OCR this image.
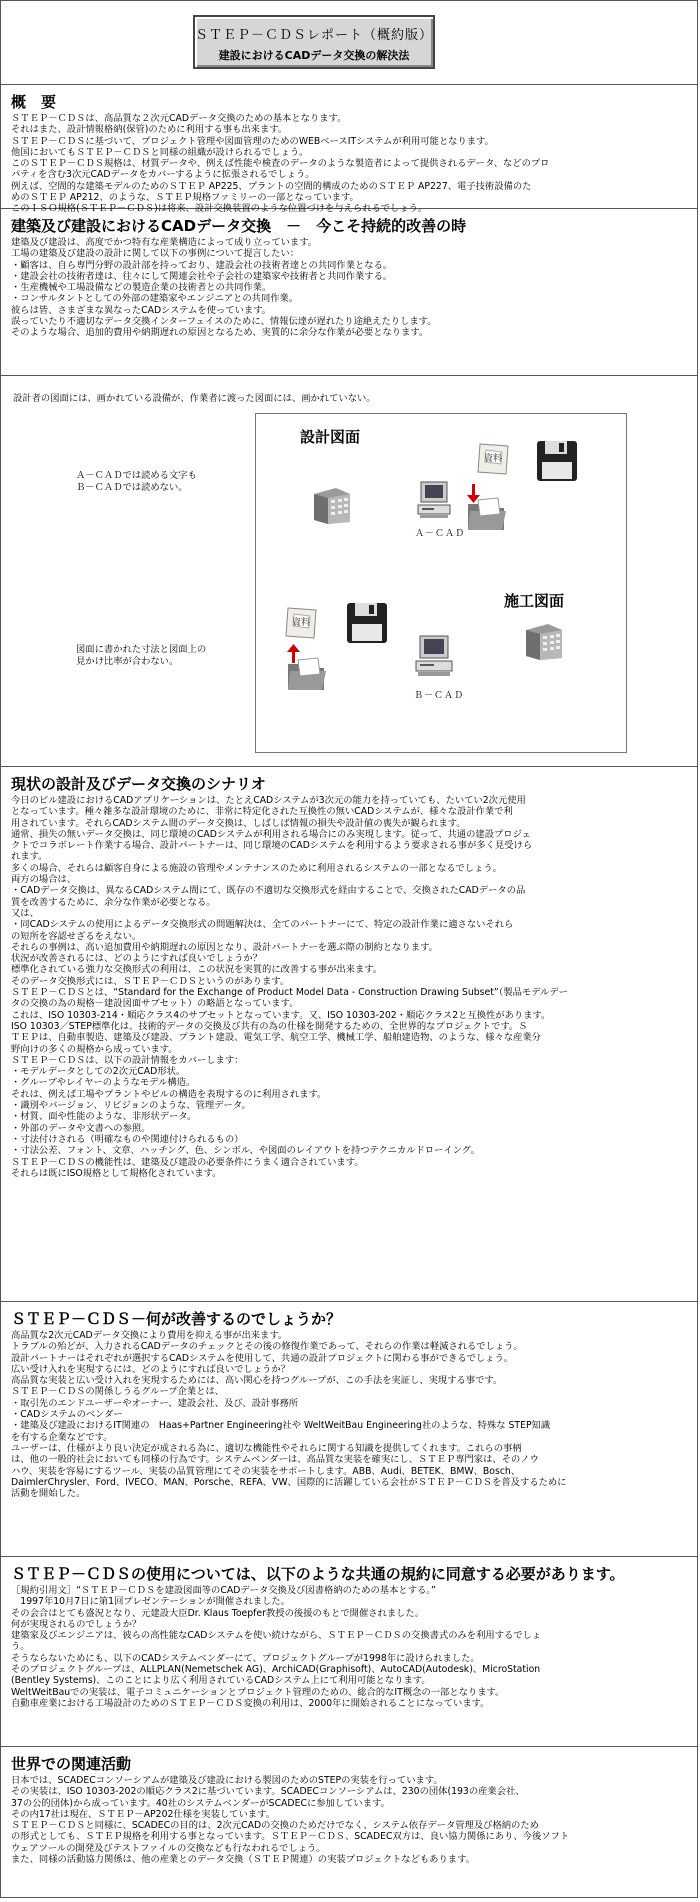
ＳＴＥＰ－ＣＤＳレポート（概約版）
建設におけるCADデータ交換の解決法
概　要
ＳＴＥＰ－ＣＤＳは、高品質な２次元CADデータ交換のための基本となります。
それはまた、設計情報格納(保管)のために利用する事も出来ます。
ＳＴＥＰ－ＣＤＳに基づいて、プロジェクト管理や図面管理のためのWEBベースITシステムが利用可能となります。
他国においてもＳＴＥＰ－ＣＤＳと同様の組織が設けられるでしょう。
このＳＴＥＰ－ＣＤＳ規格は、材質データや、例えば性能や検査のデータのような製造者によって提供されるデータ、などのプロ
パティを含む3次元CADデータをカバーするように拡張されるでしょう。
例えば、空間的な建築モデルのためのＳＴＥＰ AP225、プラントの空間的構成のためのＳＴＥＰ AP227、電子技術設備のた
めのＳＴＥＰ AP212、のような、ＳＴＥＰ規格ファミリーの一部となっています。
このＩＳＯ規格(ＳＴＥＰ－ＣＤＳ)は将来、設計交換装置のような位置づけを与えられるでしょう。
建築及び建設におけるCADデータ交換　－　今こそ持続的改善の時
建築及び建設は、高度でかつ特有な産業構造によって成り立っています。
工場の建築及び建設の設計に関して以下の事例について提言したい：
・顧客は、自ら専門分野の設計部を持っており、建設会社の技術者達との共同作業となる。
・建設会社の技術者達は、往々にして関連会社や子会社の建築家や技術者と共同作業する。
・生産機械や工場設備などの製造企業の技術者との共同作業。
・コンサルタントとしての外部の建築家やエンジニアとの共同作業。
彼らは皆、さまざまな異なったCADシステムを使っています。
誤っていたり不適切なデータ交換インターフェイスのために、情報伝達が遅れたり途絶えたりします。
そのような場合、追加的費用や納期遅れの原因となるため、実質的に余分な作業が必要となります。
設計者の図面には、画かれている設備が、作業者に渡った図面には、画かれていない。
Ａ－ＣＡＤでは読める文字も
Ｂ－ＣＡＤでは読めない。
図面に書かれた寸法と図面上の
見かけ比率が合わない。
設計図面
施工図面
Ａ－ＣＡＤ
資料
資料
Ｂ－ＣＡＤ
現状の設計及びデータ交換のシナリオ
今日のビル建設におけるCADアプリケーションは、たとえCADシステムが3次元の能力を持っていても、たいてい2次元使用
となっています。種々雑多な設計環境のために、非常に特定化された互換性の無いCADシステムが、様々な設計作業で利
用されています。それらCADシステム間のデータ交換は、しばしば情報の損失や設計値の喪失が観られます。
通常、損失の無いデータ交換は、同じ環境のCADシステムが利用される場合にのみ実現します。従って、共通の建設プロジェ
クトでコラボレート作業する場合、設計パートナーは、同じ環境のCADシステムを利用するよう要求される事が多く見受けら
れます。
多くの場合、それらは顧客自身による施設の管理やメンテナンスのために利用されるシステムの一部となるでしょう。
両方の場合は、
・CADデータ交換は、異なるCADシステム間にて、既存の不適切な交換形式を経由することで、交換されたCADデータの品
質を改善するために、余分な作業が必要となる。
又は、
・同CADシステムの使用によるデータ交換形式の問題解決は、全てのパートナーにて、特定の設計作業に適さないそれら
の短所を容認せざるをえない。
それらの事例は、高い追加費用や納期遅れの原因となり、設計パートナーを選ぶ際の制約となります。
状況が改善されるには、どのようにすれば良いでしょうか？
標準化されている強力な交換形式の利用は、この状況を実質的に改善する事が出来ます。
そのデータ交換形式には、ＳＴＥＰ－ＣＤＳというのがあります。
ＳＴＥＰ－ＣＤＳとは、“Standard for the Exchange of Product Model Data - Construction Drawing Subset”（製品モデルデー
タの交換の為の規格－建設図面サブセット）の略語となっています。
これは、ISO 10303-214・順応クラス4のサブセットとなっています。又、ISO 10303-202・順応クラス2と互換性があります。
ISO 10303／STEP標準化は、技術的データの交換及び共有の為の仕様を開発するための、全世界的なプロジェクトです。Ｓ
ＴＥＰは、自動車製造、建築及び建設、プラント建設、電気工学、航空工学、機械工学、船舶建造物、のような、様々な産業分
野向けの多くの規格から成っています。
ＳＴＥＰ－ＣＤＳは、以下の設計情報をカバーします：
・モデルデータとしての2次元CAD形状。
・グループやレイヤーのようなモデル構造。
それは、例えば工場やプラントやビルの構造を表現するのに利用されます。
・識別やバージョン、リビジョンのような、管理データ。
・材質、面や性能のような、非形状データ。
・外部のデータや文書への参照。
・寸法付けされる（明確なものや関連付けられるもの）
・寸法公差、フォント、文章、ハッチング、色、シンボル、や図面のレイアウトを持つテクニカルドローイング。
ＳＴＥＰ－ＣＤＳの機能性は、建築及び建設の必要条件にうまく適合されています。
それらは既にISO規格として規格化されています。
ＳＴＥＰ－ＣＤＳ－何が改善するのでしょうか？
高品質な2次元CADデータ交換により費用を抑える事が出来ます。
トラブルの殆どが、入力されるCADデータのチェックとその後の修復作業であって、それらの作業は軽減されるでしょう。
設計パートナーはそれぞれが選択するCADシステムを使用して、共通の設計プロジェクトに関わる事ができるでしょう。
広い受け入れを実現するには、どのようにすれば良いでしょうか？
高品質な実装と広い受け入れを実現するためには、高い関心を持つグループが、この手法を実証し、実現する事です。
ＳＴＥＰ－ＣＤＳの関係しうるグループ企業とは、
・取引先のエンドユーザーやオーナー、建設会社、及び、設計事務所
・CADシステムのベンダー
・建築及び建設におけるIT関連の　Haas+Partner Engineering社や WeltWeitBau Engineering社のような、特殊な STEP知識
を有する企業などです。
ユーザーは、仕様がより良い決定が成される為に、適切な機能性やそれらに関する知識を提供してくれます。これらの事柄
は、他の一般的社会においても同様の行為です。システムベンダーは、高品質な実装を確実にし、ＳＴＥＰ専門家は、そのノウ
ハウ、実装を容易にするツール、実装の品質管理にてその実装をサポートします。ABB、Audi、BETEK、BMW、Bosch、
DaimlerChrysler、Ford、IVECO、MAN、Porsche、REFA、VW、国際的に活躍している会社がＳＴＥＰ－ＣＤＳを普及するために
活動を開始した。
ＳＴＥＰ－ＣＤＳの使用については、以下のような共通の規約に同意する必要があります。
［規約引用文］“ＳＴＥＰ－ＣＤＳを建設図面等のCADデータ交換及び図書格納のための基本とする。”
　1997年10月7日に第1回プレゼンテーションが開催されました。
その会合はとても盛況となり、元建設大臣Dr. Klaus Toepfer教授の後援のもとで開催されました。
何が実現されるのでしょうか？
建築家及びエンジニアは、彼らの高性能なCADシステムを使い続けながら、ＳＴＥＰ－ＣＤＳの交換書式のみを利用するでしょ
う。
そうならないためにも、以下のCADシステムベンダーにて、プロジェクトグループが1998年に設けられました。
そのプロジェクトグループは、ALLPLAN(Nemetschek AG)、ArchiCAD(Graphisoft)、AutoCAD(Autodesk)、MicroStation
(Bentley Systems)、このことにより広く利用されているCADシステム上にて利用可能となります。
WeltWeitBauでの実装は、電子コミュニケーションとプロジェクト管理のための、総合的なIT概念の一部となります。
自動車産業における工場設計のためのＳＴＥＰ－ＣＤＳ変換の利用は、2000年に開始されることになっています。
世界での関連活動
日本では、SCADECコンソーシアムが建築及び建設における製図のためのSTEPの実装を行っています。
その実装は、ISO 10303-202の順応クラス2に基づいています。SCADECコンソーシアムは、230の団体(193の産業会社、
37の公的団体)から成っています。40社のシステムベンダーがSCADECに参加しています。
その内17社は現在、ＳＴＥＰ－AP202仕様を実装しています。
ＳＴＥＰ－ＣＤＳと同様に、SCADECの目的は、2次元CADの交換のためだけでなく、システム依存データ管理及び格納のため
の形式としても、ＳＴＥＰ規格を利用する事となっています。ＳＴＥＰ－ＣＤＳ、SCADEC双方は、良い協力関係にあり、今後ソフト
ウェアツールの開発及びテストファイルの交換なども行なわれるでしょう。
また、同様の活動協力関係は、他の産業とのデータ交換（ＳＴＥＰ関連）の実装プロジェクトなどもあります。
